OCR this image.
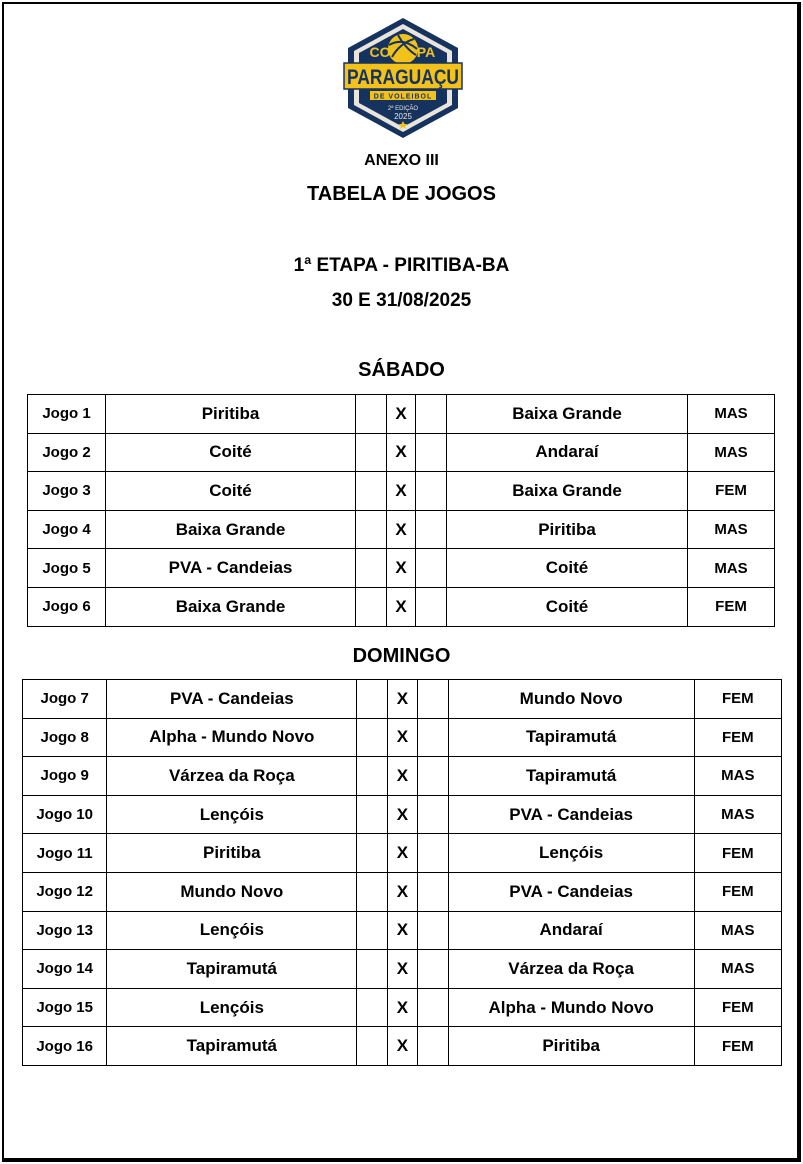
CO PA
PARAGUAÇU
DE VOLEIBOL
2ª EDIÇÃO
2025
ANEXO III
TABELA DE JOGOS
1ª ETAPA - PIRITIBA-BA
30 E 31/08/2025
SÁBADO
Jogo 1	Piritiba		X		Baixa Grande	MAS
Jogo 2	Coité		X		Andaraí	MAS
Jogo 3	Coité		X		Baixa Grande	FEM
Jogo 4	Baixa Grande		X		Piritiba	MAS
Jogo 5	PVA - Candeias		X		Coité	MAS
Jogo 6	Baixa Grande		X		Coité	FEM
DOMINGO
Jogo 7	PVA - Candeias		X		Mundo Novo	FEM
Jogo 8	Alpha - Mundo Novo		X		Tapiramutá	FEM
Jogo 9	Várzea da Roça		X		Tapiramutá	MAS
Jogo 10	Lençóis		X		PVA - Candeias	MAS
Jogo 11	Piritiba		X		Lençóis	FEM
Jogo 12	Mundo Novo		X		PVA - Candeias	FEM
Jogo 13	Lençóis		X		Andaraí	MAS
Jogo 14	Tapiramutá		X		Várzea da Roça	MAS
Jogo 15	Lençóis		X		Alpha - Mundo Novo	FEM
Jogo 16	Tapiramutá		X		Piritiba	FEM
